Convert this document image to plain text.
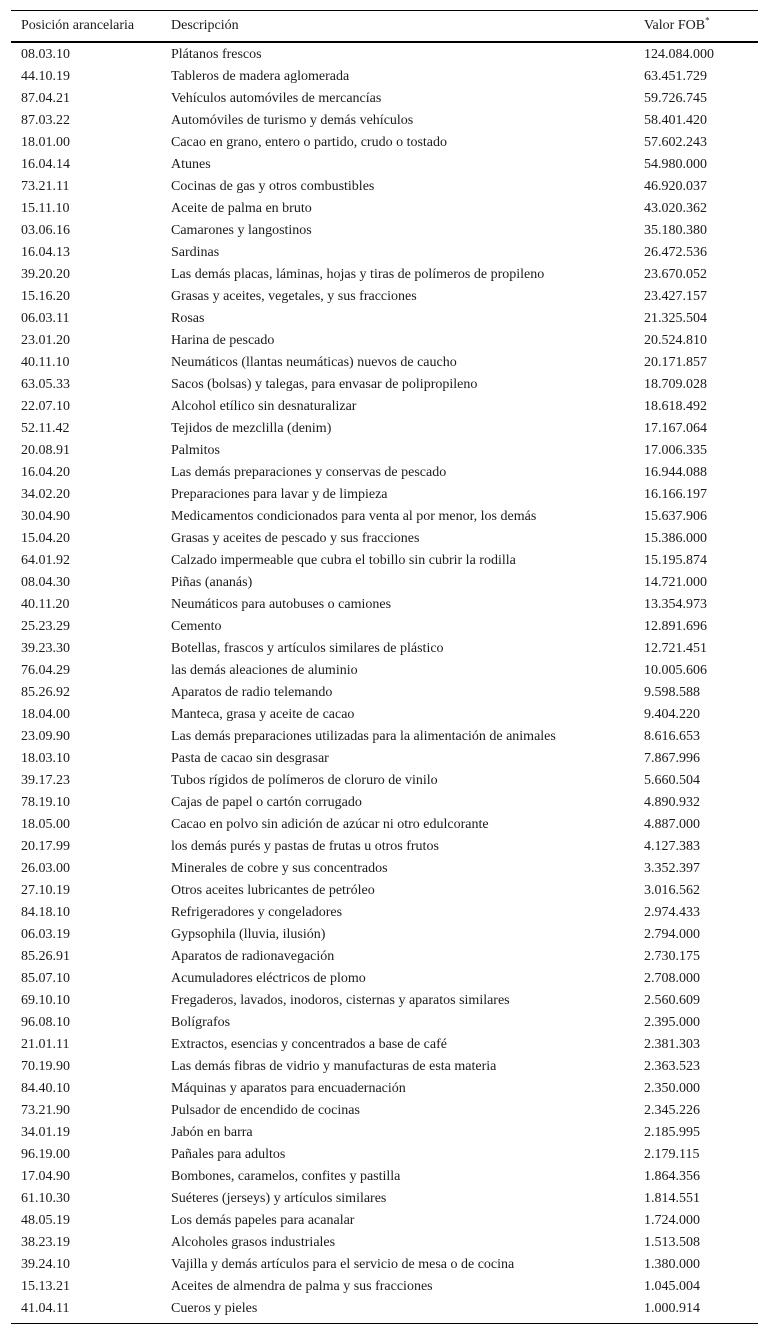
Posición arancelaria	Descripción	Valor FOB*
08.03.10	Plátanos frescos	124.084.000
44.10.19	Tableros de madera aglomerada	63.451.729
87.04.21	Vehículos automóviles de mercancías	59.726.745
87.03.22	Automóviles de turismo y demás vehículos	58.401.420
18.01.00	Cacao en grano, entero o partido, crudo o tostado	57.602.243
16.04.14	Atunes	54.980.000
73.21.11	Cocinas de gas y otros combustibles	46.920.037
15.11.10	Aceite de palma en bruto	43.020.362
03.06.16	Camarones y langostinos	35.180.380
16.04.13	Sardinas	26.472.536
39.20.20	Las demás placas, láminas, hojas y tiras de polímeros de propileno	23.670.052
15.16.20	Grasas y aceites, vegetales, y sus fracciones	23.427.157
06.03.11	Rosas	21.325.504
23.01.20	Harina de pescado	20.524.810
40.11.10	Neumáticos (llantas neumáticas) nuevos de caucho	20.171.857
63.05.33	Sacos (bolsas) y talegas, para envasar de polipropileno	18.709.028
22.07.10	Alcohol etílico sin desnaturalizar	18.618.492
52.11.42	Tejidos de mezclilla (denim)	17.167.064
20.08.91	Palmitos	17.006.335
16.04.20	Las demás preparaciones y conservas de pescado	16.944.088
34.02.20	Preparaciones para lavar y de limpieza	16.166.197
30.04.90	Medicamentos condicionados para venta al por menor, los demás	15.637.906
15.04.20	Grasas y aceites de pescado y sus fracciones	15.386.000
64.01.92	Calzado impermeable que cubra el tobillo sin cubrir la rodilla	15.195.874
08.04.30	Piñas (ananás)	14.721.000
40.11.20	Neumáticos para autobuses o camiones	13.354.973
25.23.29	Cemento	12.891.696
39.23.30	Botellas, frascos y artículos similares de plástico	12.721.451
76.04.29	las demás aleaciones de aluminio	10.005.606
85.26.92	Aparatos de radio telemando	9.598.588
18.04.00	Manteca, grasa y aceite de cacao	9.404.220
23.09.90	Las demás preparaciones utilizadas para la alimentación de animales	8.616.653
18.03.10	Pasta de cacao sin desgrasar	7.867.996
39.17.23	Tubos rígidos de polímeros de cloruro de vinilo	5.660.504
78.19.10	Cajas de papel o cartón corrugado	4.890.932
18.05.00	Cacao en polvo sin adición de azúcar ni otro edulcorante	4.887.000
20.17.99	los demás purés y pastas de frutas u otros frutos	4.127.383
26.03.00	Minerales de cobre y sus concentrados	3.352.397
27.10.19	Otros aceites lubricantes de petróleo	3.016.562
84.18.10	Refrigeradores y congeladores	2.974.433
06.03.19	Gypsophila (lluvia, ilusión)	2.794.000
85.26.91	Aparatos de radionavegación	2.730.175
85.07.10	Acumuladores eléctricos de plomo	2.708.000
69.10.10	Fregaderos, lavados, inodoros, cisternas y aparatos similares	2.560.609
96.08.10	Bolígrafos	2.395.000
21.01.11	Extractos, esencias y concentrados a base de café	2.381.303
70.19.90	Las demás fibras de vidrio y manufacturas de esta materia	2.363.523
84.40.10	Máquinas y aparatos para encuadernación	2.350.000
73.21.90	Pulsador de encendido de cocinas	2.345.226
34.01.19	Jabón en barra	2.185.995
96.19.00	Pañales para adultos	2.179.115
17.04.90	Bombones, caramelos, confites y pastilla	1.864.356
61.10.30	Suéteres (jerseys) y artículos similares	1.814.551
48.05.19	Los demás papeles para acanalar	1.724.000
38.23.19	Alcoholes grasos industriales	1.513.508
39.24.10	Vajilla y demás artículos para el servicio de mesa o de cocina	1.380.000
15.13.21	Aceites de almendra de palma y sus fracciones	1.045.004
41.04.11	Cueros y pieles	1.000.914
